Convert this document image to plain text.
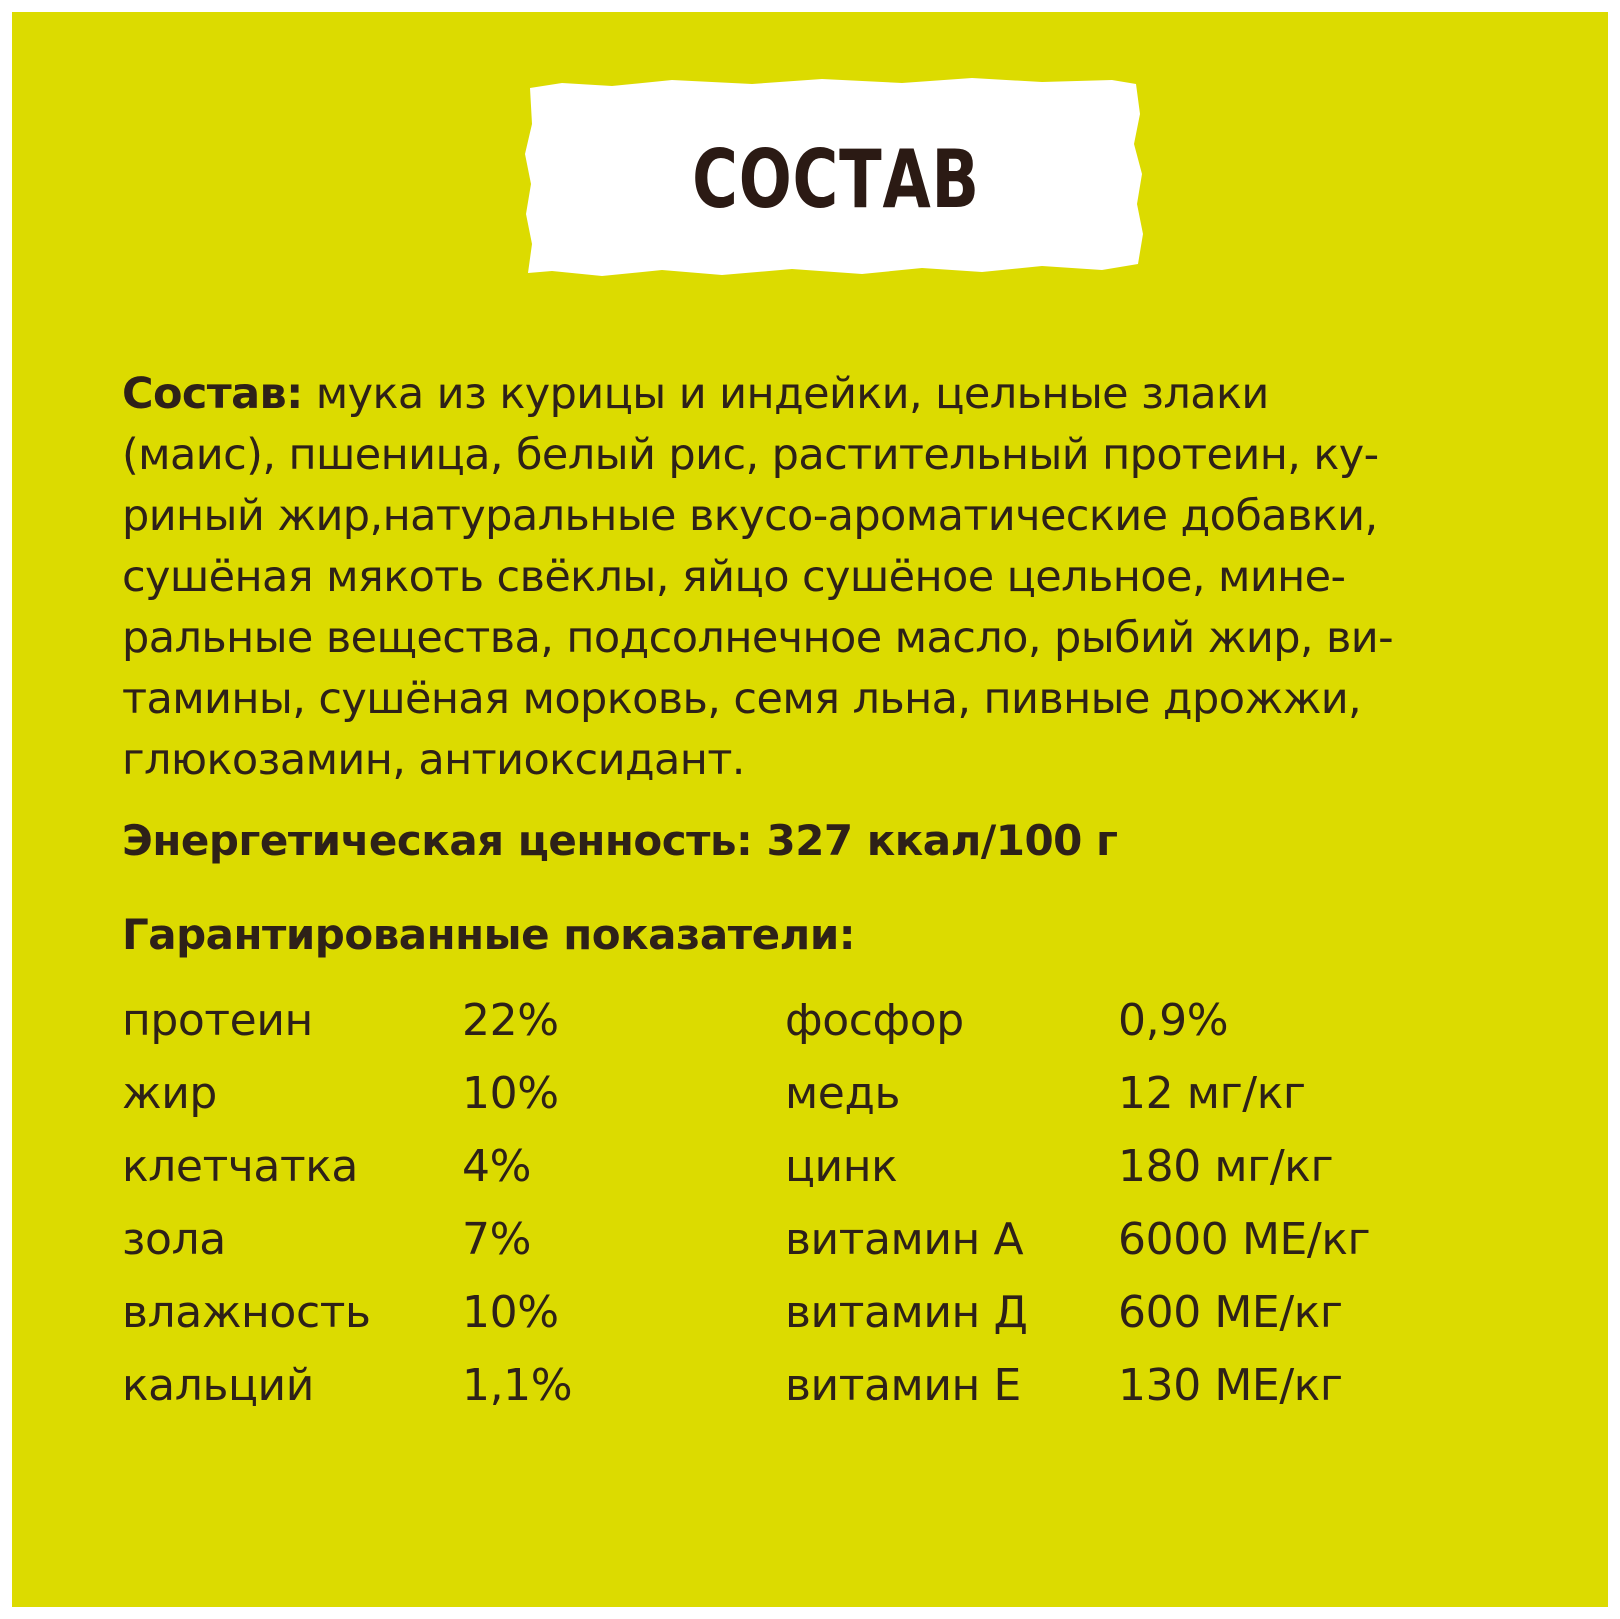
СОСТАВ

Состав: мука из курицы и индейки, цельные злаки
(маис), пшеница, белый рис, растительный протеин, ку-
риный жир,натуральные вкусо-ароматические добавки,
сушёная мякоть свёклы, яйцо сушёное цельное, мине-
ральные вещества, подсолнечное масло, рыбий жир, ви-
тамины, сушёная морковь, семя льна, пивные дрожжи,
глюкозамин, антиоксидант.

Энергетическая ценность: 327 ккал/100 г

Гарантированные показатели:

протеин	22%	фосфор	0,9%
жир	10%	медь	12 мг/кг
клетчатка 4%	цинк	180 мг/кг
зола	7%	витамин А 6000 МЕ/кг
влажность 10%	витамин Д 600 МЕ/кг
кальций	1,1%	витамин Е 130 МЕ/кг
